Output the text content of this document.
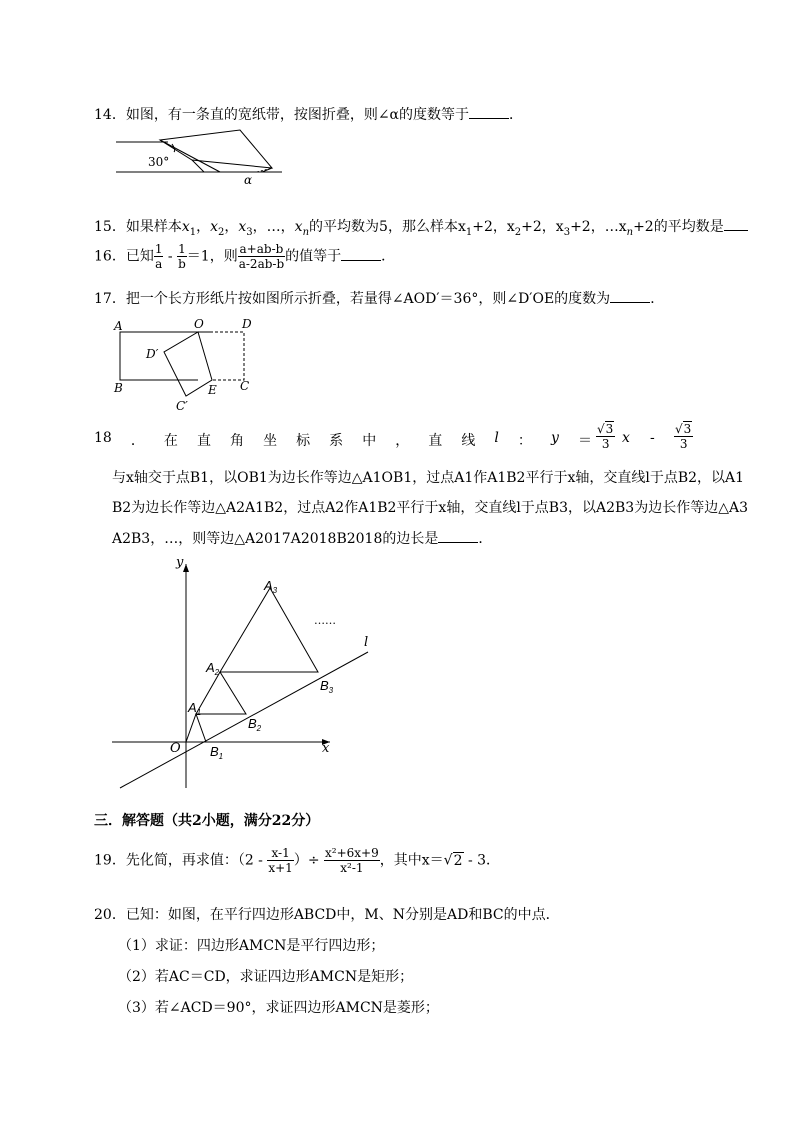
14．如图，有一条直的宽纸带，按图折叠，则∠α的度数等于	．
30°
α
15．如果样本$x_1$，$x_2$，$x_3$，…，$x_n$的平均数为5，那么样本$x_1+2$，$x_2+2$，$x_3+2$，$\dots x_n+2$的平均数是
16．已知 $\frac{1}{a} - \frac{1}{b} =1$，则 $\frac{a+ab-b}{a-2ab-b}$ 的值等于	．
17．把一个长方形纸片按如图所示折叠，若量得∠AOD′＝36°，则∠D′OE的度数为	．
A	O	D
D′
B	E C
C′
18 ． 在 直 角 坐 标 系 中 ， 直 线 l ： $y = \frac{√3}{3}$ x - $\frac{√3}{3}$
与x轴交于点B1，以OB1为边长作等边△A1OB1，过点A1作A1B2平行于x轴，交直线l于点B2，以A1
B2为边长作等边△A2A1B2，过点A2作A1B2平行于x轴，交直线l于点B3，以A2B3为边长作等边△A3
A2B3，…，则等边△A2017A2018B2018的边长是	．
y
x
O
l
……
$A_1$
$A_2$
$A_3$
$B_1$
$B_2$
$B_3$
三．解答题（共2小题，满分22分）
19．先化简，再求值：（$2 - \frac{x-1}{x+1}$ ）÷ $\frac{\text{x²+6x+9}}{\text{x²-1}}$ ，其中x＝√2 - 3．
20．已知：如图，在平行四边形ABCD中，M、N分别是AD和BC的中点．
（1）求证：四边形AMCN是平行四边形；
（2）若AC＝CD，求证四边形AMCN是矩形；
（3）若∠ACD＝90°，求证四边形AMCN是菱形；
